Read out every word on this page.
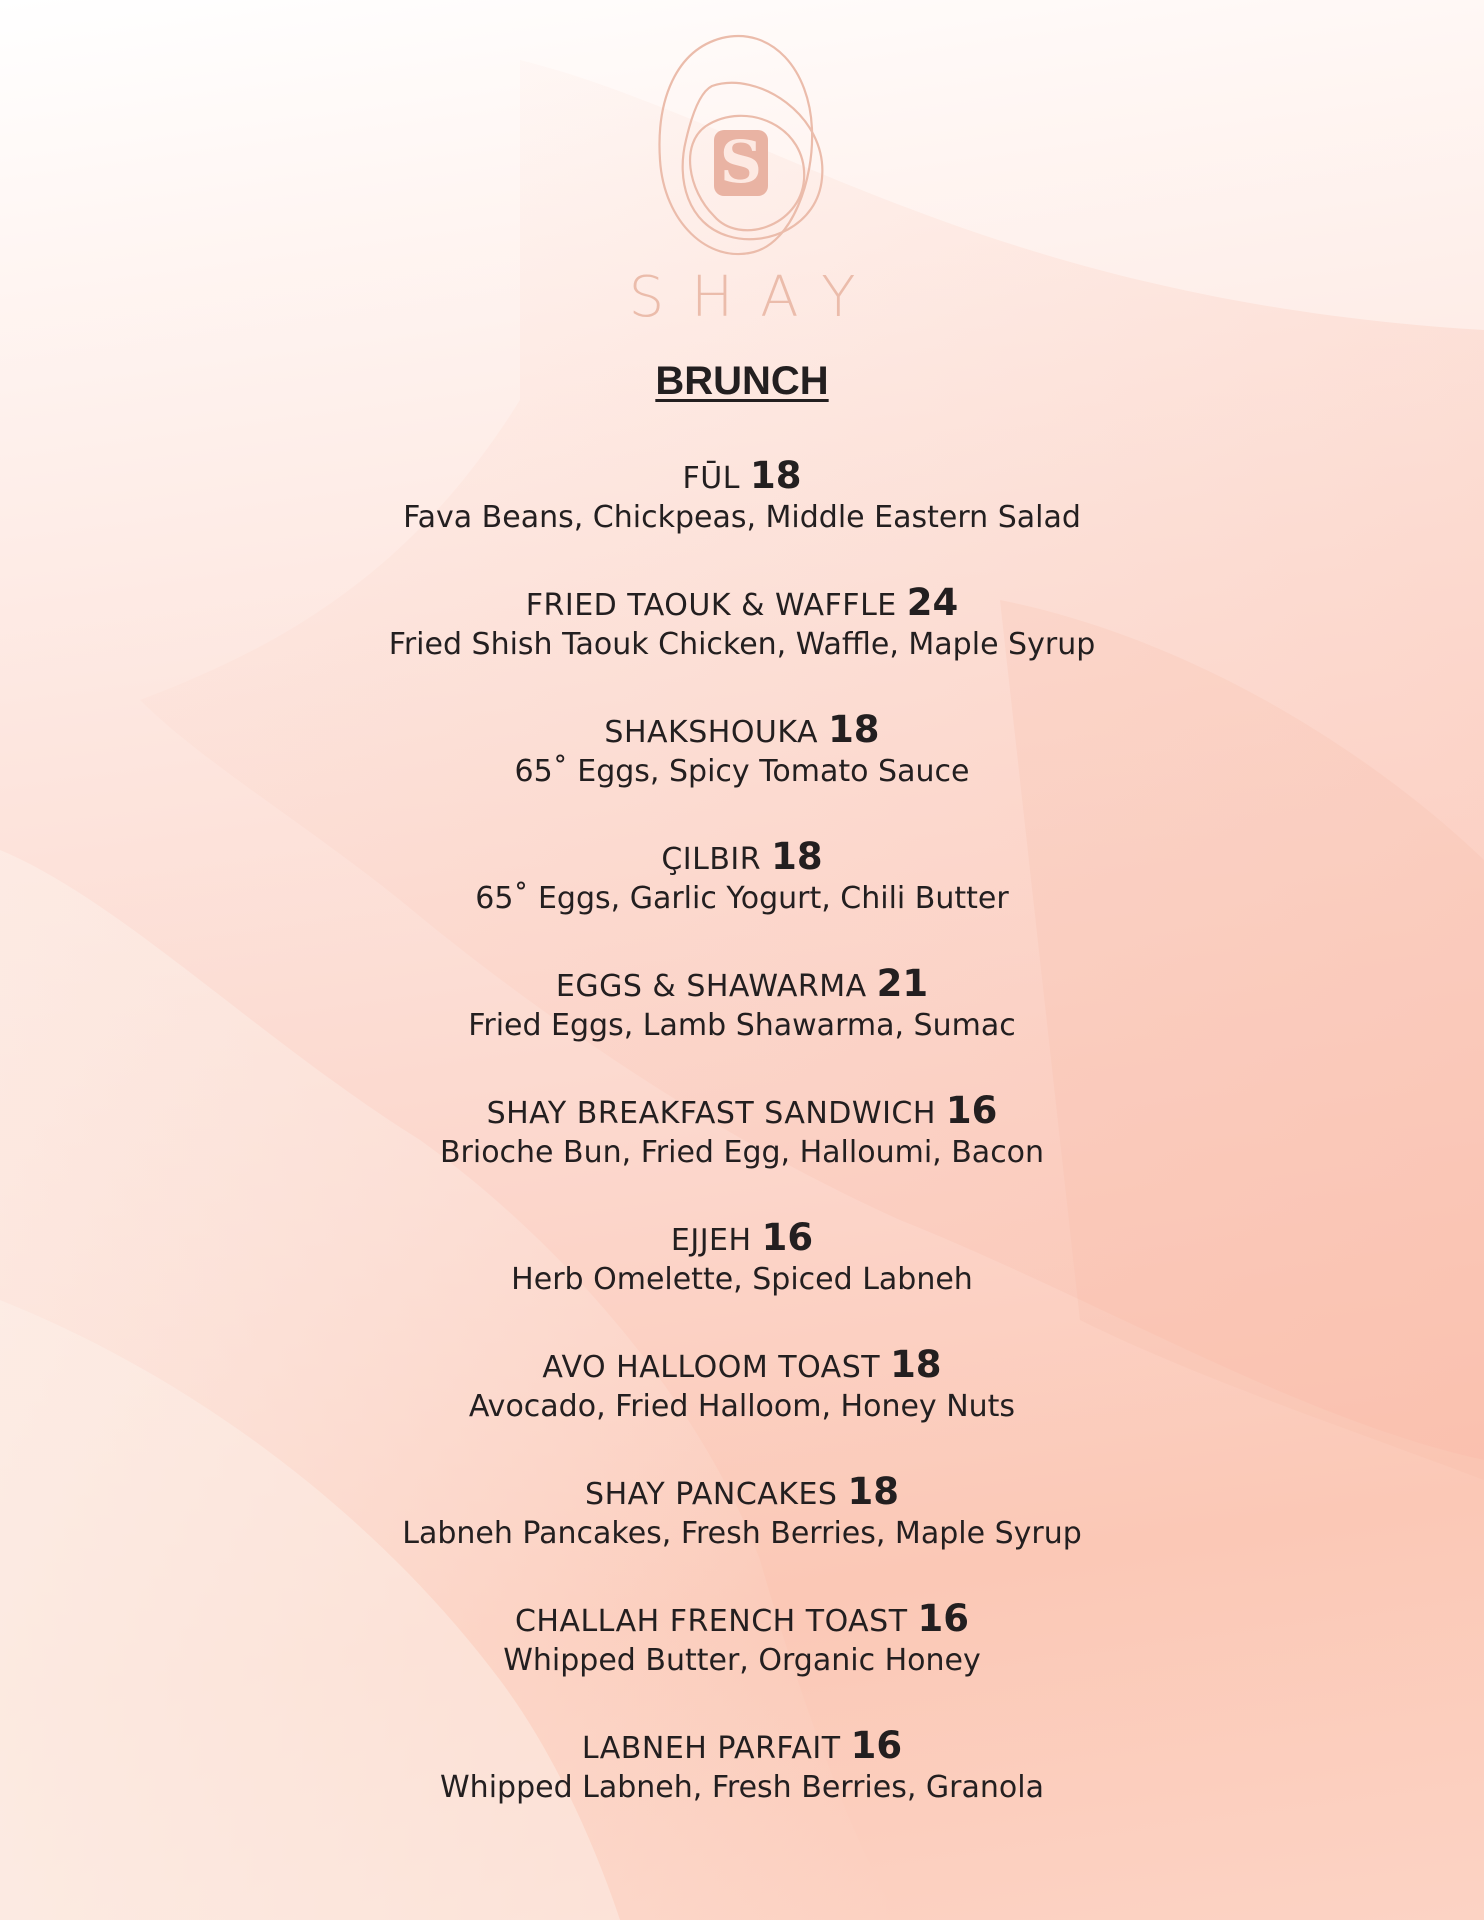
S
SHAY
BRUNCH
FŪL 18
Fava Beans, Chickpeas, Middle Eastern Salad
FRIED TAOUK & WAFFLE 24
Fried Shish Taouk Chicken, Waffle, Maple Syrup
SHAKSHOUKA 18
65˚ Eggs, Spicy Tomato Sauce
ÇILBIR 18
65˚ Eggs, Garlic Yogurt, Chili Butter
EGGS & SHAWARMA 21
Fried Eggs, Lamb Shawarma, Sumac
SHAY BREAKFAST SANDWICH 16
Brioche Bun, Fried Egg, Halloumi, Bacon
EJJEH 16
Herb Omelette, Spiced Labneh
AVO HALLOOM TOAST 18
Avocado, Fried Halloom, Honey Nuts
SHAY PANCAKES 18
Labneh Pancakes, Fresh Berries, Maple Syrup
CHALLAH FRENCH TOAST 16
Whipped Butter, Organic Honey
LABNEH PARFAIT 16
Whipped Labneh, Fresh Berries, Granola
